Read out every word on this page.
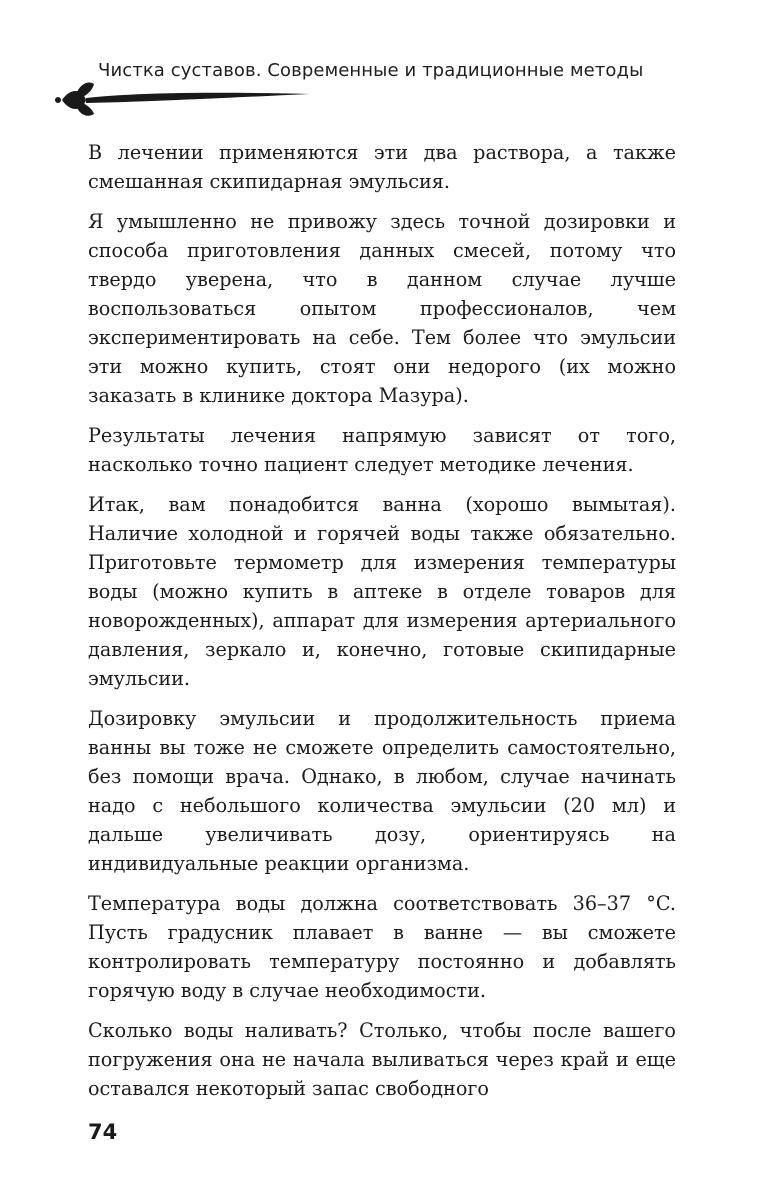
Чистка суставов. Современные и традиционные методы

В лечении применяются эти два раствора, а также смешанная скипидарная эмульсия.

Я умышленно не привожу здесь точной дозировки и способа приготовления данных смесей, потому что твердо уверена, что в данном случае лучше воспользоваться опытом профессионалов, чем экспериментировать на себе. Тем более что эмульсии эти можно купить, стоят они недорого (их можно заказать в клинике доктора Мазура).

Результаты лечения напрямую зависят от того, насколько точно пациент следует методике лечения.

Итак, вам понадобится ванна (хорошо вымытая). Наличие холодной и горячей воды также обязательно. Приготовьте термометр для измерения температуры воды (можно купить в аптеке в отделе товаров для новорожденных), аппарат для измерения артериального давления, зеркало и, конечно, готовые скипидарные эмульсии.

Дозировку эмульсии и продолжительность приема ванны вы тоже не сможете определить самостоятельно, без помощи врача. Однако, в любом, случае начинать надо с небольшого количества эмульсии (20 мл) и дальше увеличивать дозу, ориентируясь на индивидуальные реакции организма.

Температура воды должна соответствовать 36–37 °C. Пусть градусник плавает в ванне — вы сможете контролировать температуру постоянно и добавлять горячую воду в случае необходимости.

Сколько воды наливать? Столько, чтобы после вашего погружения она не начала выливаться через край и еще оставался некоторый запас свободного

74
